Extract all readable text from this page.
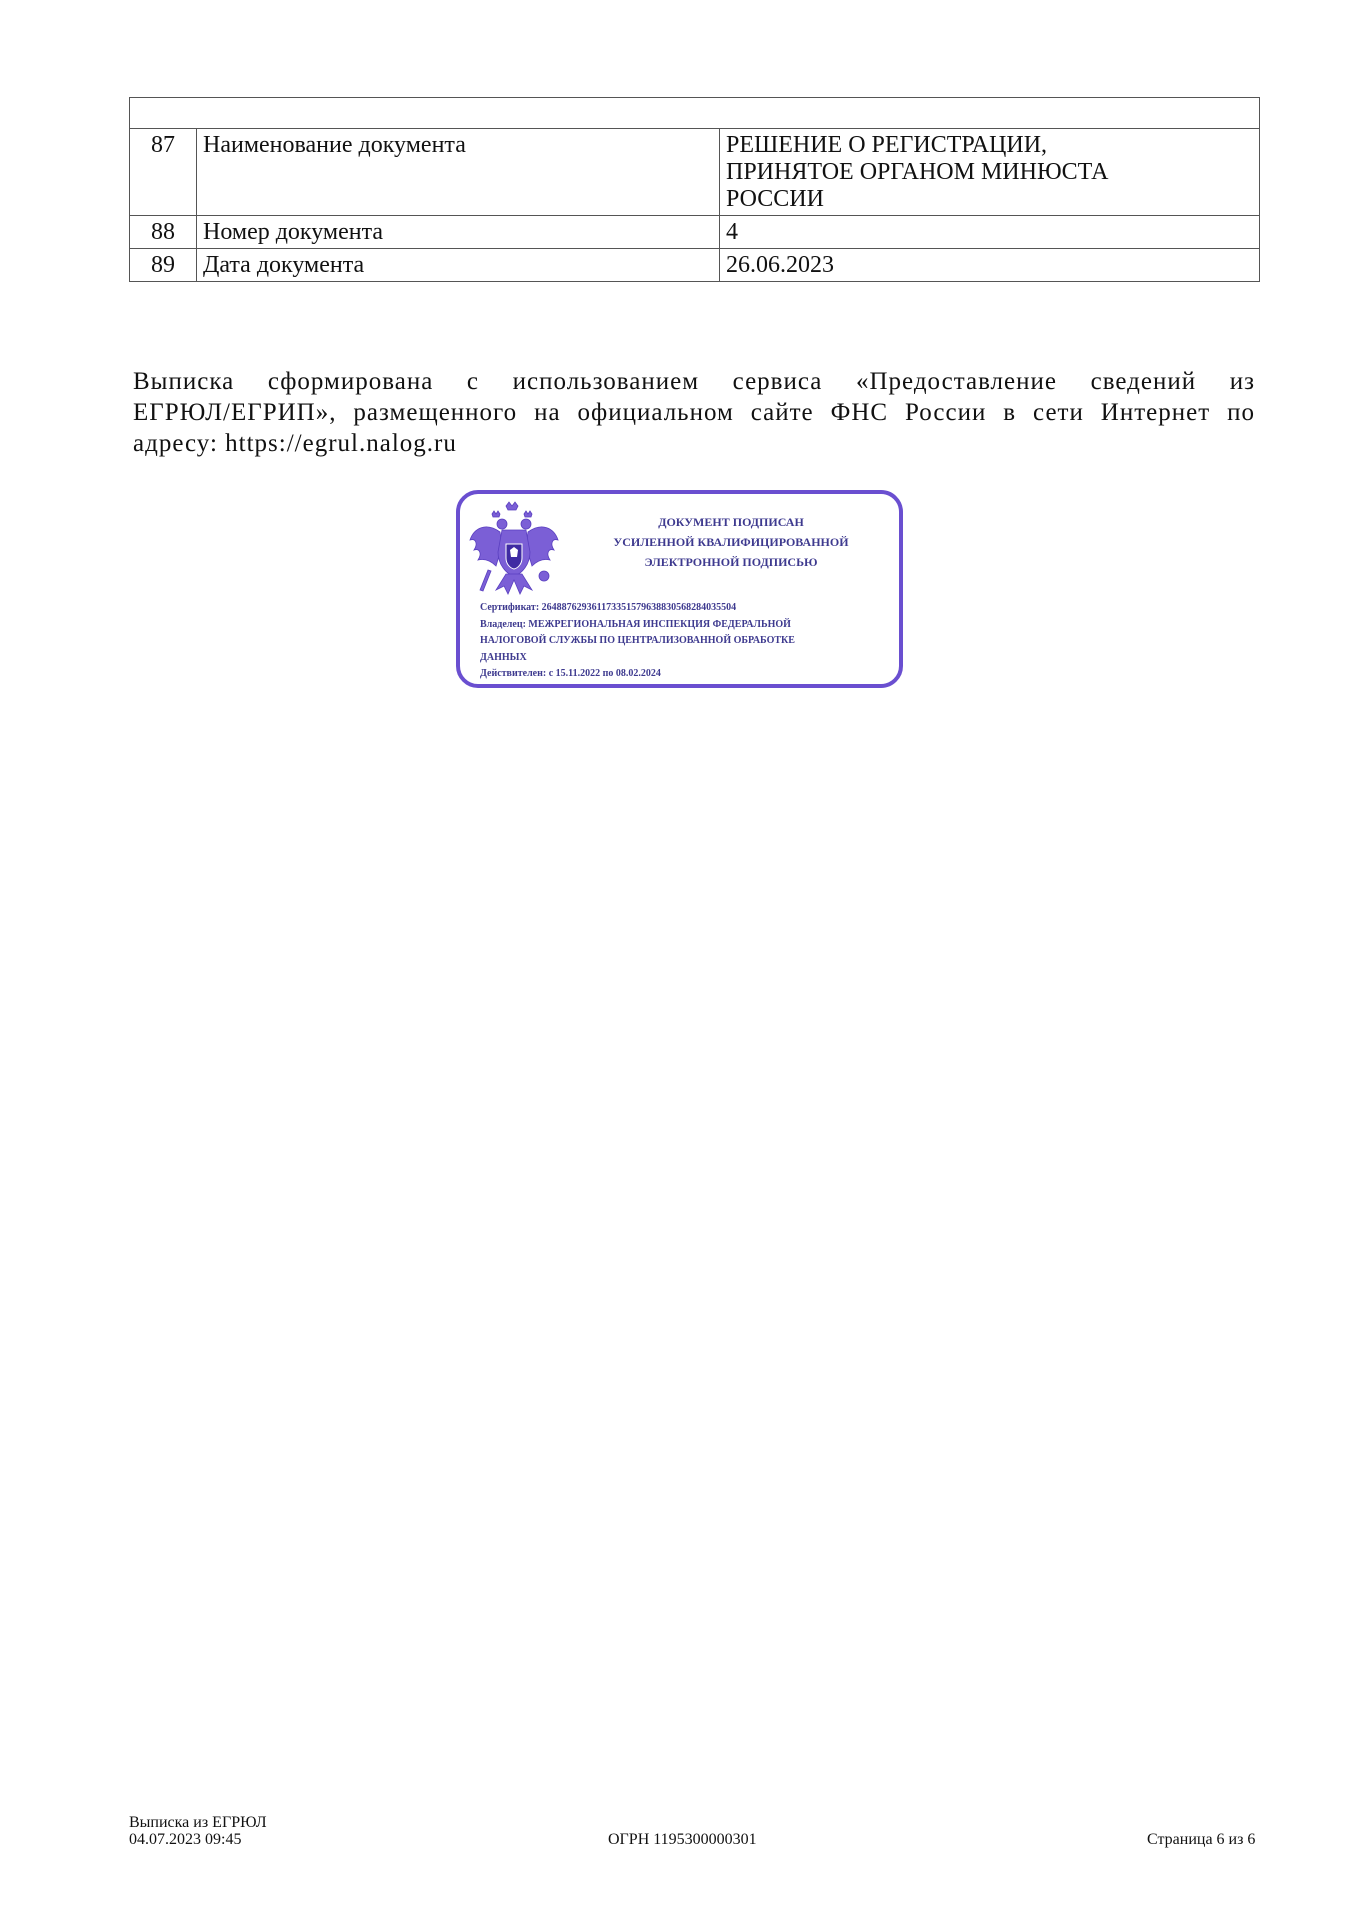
87	Наименование документа	РЕШЕНИЕ О РЕГИСТРАЦИИ,
ПРИНЯТОЕ ОРГАНОМ МИНЮСТА
РОССИИ

88	Номер документа	4
89	Дата документа	26.06.2023
Выписка сформирована с использованием сервиса «Предоставление сведений из
ЕГРЮЛ/ЕГРИП», размещенного на официальном сайте ФНС России в сети Интернет по
адресу: https://egrul.nalog.ru
ДОКУМЕНТ ПОДПИСАН
УСИЛЕННОЙ КВАЛИФИЦИРОВАННОЙ
ЭЛЕКТРОННОЙ ПОДПИСЬЮ
Сертификат: 264887629361173351579638830568284035504
Владелец: МЕЖРЕГИОНАЛЬНАЯ ИНСПЕКЦИЯ ФЕДЕРАЛЬНОЙ
НАЛОГОВОЙ СЛУЖБЫ ПО ЦЕНТРАЛИЗОВАННОЙ ОБРАБОТКЕ
ДАННЫХ
Действителен: с 15.11.2022 по 08.02.2024
Выписка из ЕГРЮЛ
04.07.2023 09:45	ОГРН 1195300000301	Страница 6 из 6
